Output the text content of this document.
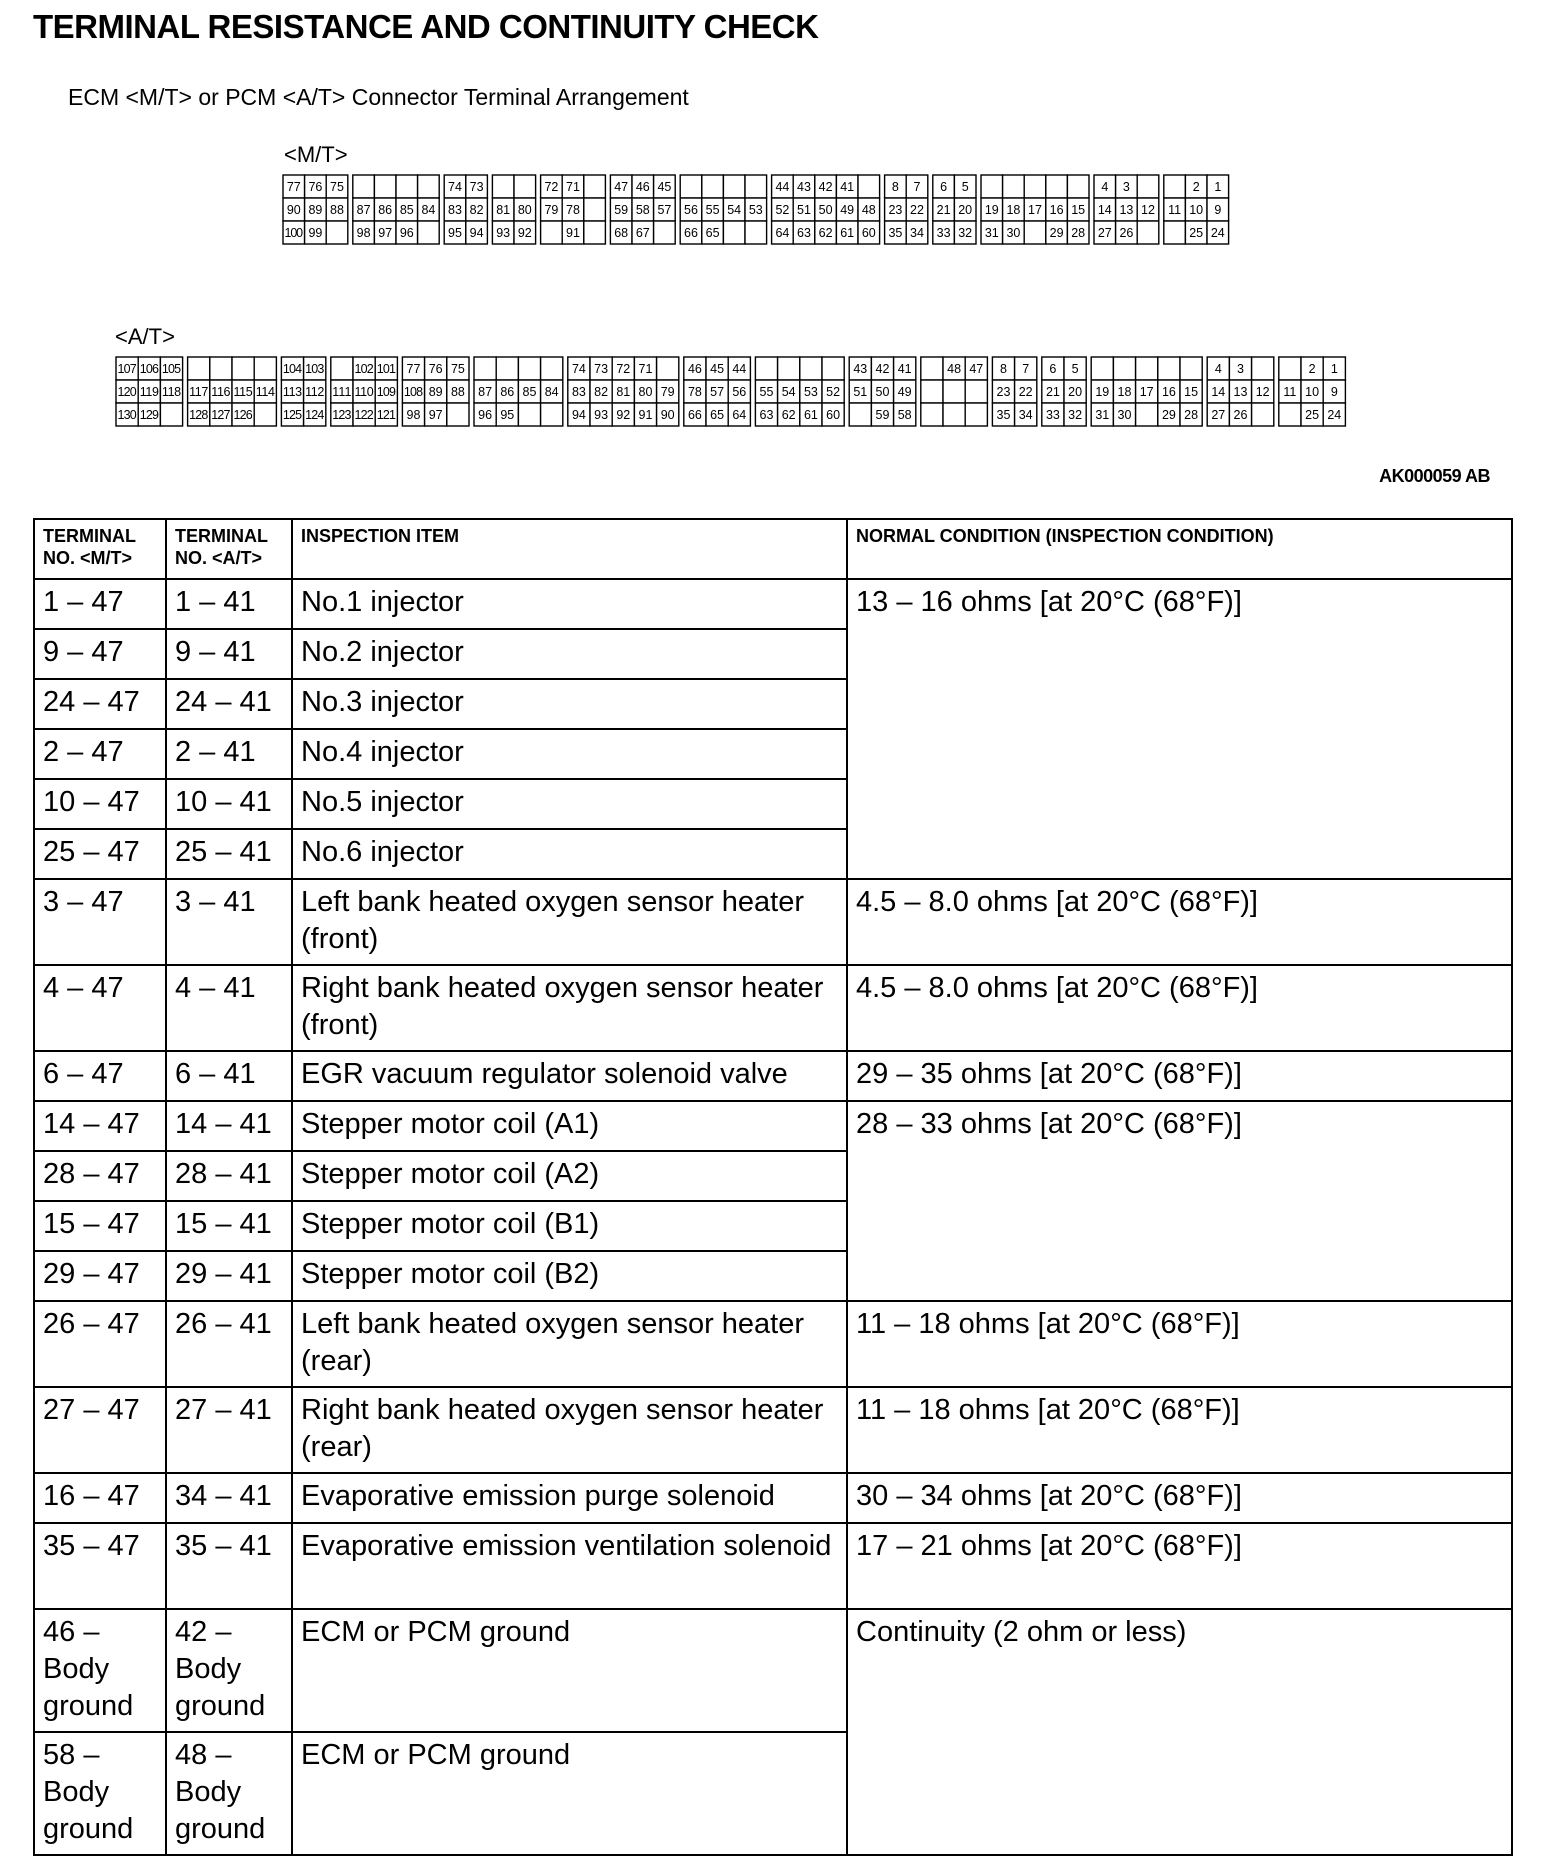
TERMINAL RESISTANCE AND CONTINUITY CHECK
ECM <M/T> or PCM <A/T> Connector Terminal Arrangement
<M/T>
77 76 75
90 89 88
100 99
87 86 85 84
98 97 96
74 73
83 82
95 94
81 80
93 92
72 71
79 78
91
47 46 45
59 58 57
68 67
56 55 54 53
66 65
44 43 42 41
52 51 50 49 48
64 63 62 61 60
8 7
23 22
35 34
6 5
21 20
33 32
19 18 17 16 15
31 30 29 28
4 3
14 13 12
27 26
2 1
11 10 9
25 24
<A/T>
107 106 105
120 119 118
130 129
117 116 115 114
128 127 126
104 103
113 112
125 124
102 101
111 110 109
123 122 121
77 76 75
108 89 88
98 97
87 86 85 84
96 95
74 73 72 71
83 82 81 80 79
94 93 92 91 90
46 45 44
78 57 56
66 65 64
55 54 53 52
63 62 61 60
43 42 41
51 50 49
59 58
48 47 8 7
23 22
35 34
6 5
21 20
33 32
19 18 17 16 15
31 30 29 28
4 3
14 13 12
27 26
2 1
11 10 9
25 24
AK000059 AB
TERMINAL NO. <M/T>	TERMINAL NO. <A/T>	INSPECTION ITEM	NORMAL CONDITION (INSPECTION CONDITION)
1 – 47	1 – 41	No.1 injector	13 – 16 ohms [at 20°C (68°F)]
9 – 47	9 – 41	No.2 injector	
24 – 47	24 – 41	No.3 injector	
2 – 47	2 – 41	No.4 injector	
10 – 47	10 – 41	No.5 injector	
25 – 47	25 – 41	No.6 injector	
3 – 47	3 – 41	Left bank heated oxygen sensor heater (front)	4.5 – 8.0 ohms [at 20°C (68°F)]
4 – 47	4 – 41	Right bank heated oxygen sensor heater (front)	4.5 – 8.0 ohms [at 20°C (68°F)]
6 – 47	6 – 41	EGR vacuum regulator solenoid valve	29 – 35 ohms [at 20°C (68°F)]
14 – 47	14 – 41	Stepper motor coil (A1)	28 – 33 ohms [at 20°C (68°F)]
28 – 47	28 – 41	Stepper motor coil (A2)	
15 – 47	15 – 41	Stepper motor coil (B1)	
29 – 47	29 – 41	Stepper motor coil (B2)	
26 – 47	26 – 41	Left bank heated oxygen sensor heater (rear)	11 – 18 ohms [at 20°C (68°F)]
27 – 47	27 – 41	Right bank heated oxygen sensor heater (rear)	11 – 18 ohms [at 20°C (68°F)]
16 – 47	34 – 41	Evaporative emission purge solenoid	30 – 34 ohms [at 20°C (68°F)]
35 – 47	35 – 41	Evaporative emission ventilation solenoid	17 – 21 ohms [at 20°C (68°F)]
46 – Body ground	42 – Body ground	ECM or PCM ground	Continuity (2 ohm or less)
58 – Body ground	48 – Body ground	ECM or PCM ground	
